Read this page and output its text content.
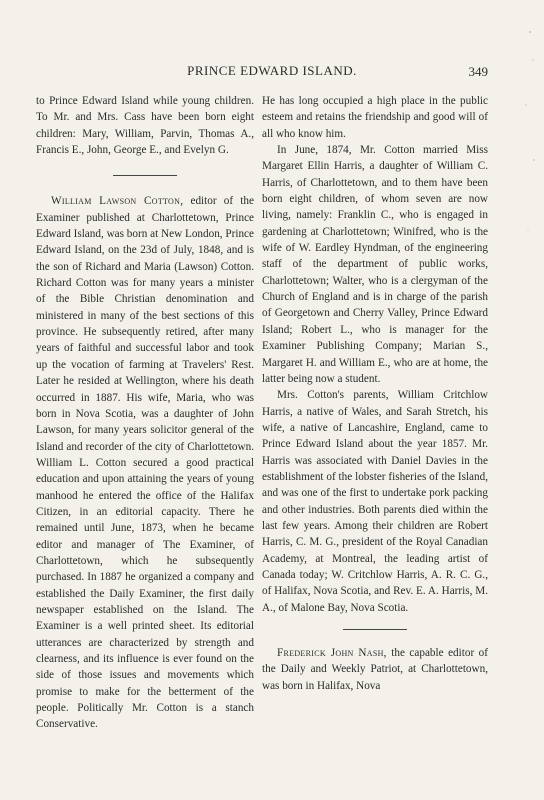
PRINCE EDWARD ISLAND.	349

to Prince Edward Island while young children. To Mr. and Mrs. Cass have been born eight children: Mary, William, Parvin, Thomas A., Francis E., John, George E., and Evelyn G.

William Lawson Cotton, editor of the Examiner published at Charlottetown, Prince Edward Island, was born at New London, Prince Edward Island, on the 23d of July, 1848, and is the son of Richard and Maria (Lawson) Cotton. Richard Cotton was for many years a minister of the Bible Christian denomination and ministered in many of the best sections of this province. He subsequently retired, after many years of faithful and successful labor and took up the vocation of farming at Travelers' Rest. Later he resided at Wellington, where his death occurred in 1887. His wife, Maria, who was born in Nova Scotia, was a daughter of John Lawson, for many years solicitor general of the Island and recorder of the city of Charlottetown. William L. Cotton secured a good practical education and upon attaining the years of young manhood he entered the office of the Halifax Citizen, in an editorial capacity. There he remained until June, 1873, when he became editor and manager of The Examiner, of Charlottetown, which he subsequently purchased. In 1887 he organized a company and established the Daily Examiner, the first daily newspaper established on the Island. The Examiner is a well printed sheet. Its editorial utterances are characterized by strength and clearness, and its influence is ever found on the side of those issues and movements which promise to make for the betterment of the people. Politically Mr. Cotton is a stanch Conservative.

He has long occupied a high place in the public esteem and retains the friendship and good will of all who know him.

In June, 1874, Mr. Cotton married Miss Margaret Ellin Harris, a daughter of William C. Harris, of Charlottetown, and to them have been born eight children, of whom seven are now living, namely: Franklin C., who is engaged in gardening at Charlottetown; Winifred, who is the wife of W. Eardley Hyndman, of the engineering staff of the department of public works, Charlottetown; Walter, who is a clergyman of the Church of England and is in charge of the parish of Georgetown and Cherry Valley, Prince Edward Island; Robert L., who is manager for the Examiner Publishing Company; Marian S., Margaret H. and William E., who are at home, the latter being now a student.

Mrs. Cotton's parents, William Critchlow Harris, a native of Wales, and Sarah Stretch, his wife, a native of Lancashire, England, came to Prince Edward Island about the year 1857. Mr. Harris was associated with Daniel Davies in the establishment of the lobster fisheries of the Island, and was one of the first to undertake pork packing and other industries. Both parents died within the last few years. Among their children are Robert Harris, C. M. G., president of the Royal Canadian Academy, at Montreal, the leading artist of Canada today; W. Critchlow Harris, A. R. C. G., of Halifax, Nova Scotia, and Rev. E. A. Harris, M. A., of Malone Bay, Nova Scotia.

Frederick John Nash, the capable editor of the Daily and Weekly Patriot, at Charlottetown, was born in Halifax, Nova
